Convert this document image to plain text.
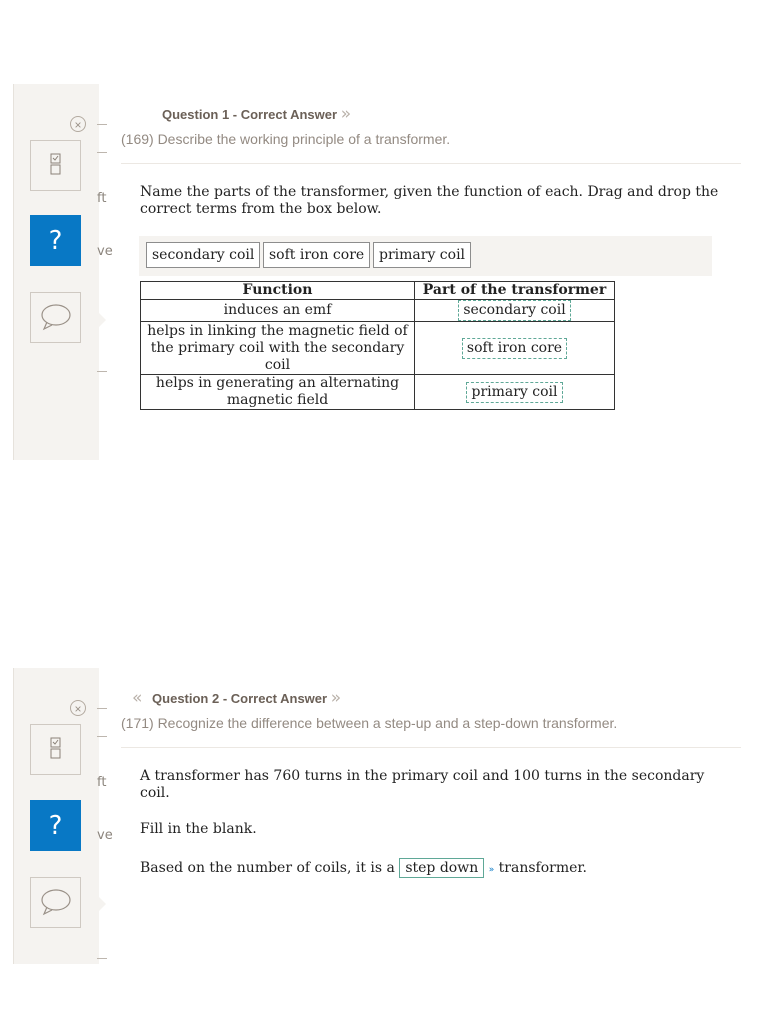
×
ft
?	ve
Question 1 - Correct Answer »
(169) Describe the working principle of a transformer.
Name the parts of the transformer, given the function of each. Drag and drop the correct terms from the box below.
secondary coil	soft iron core	primary coil
Function	Part of the transformer
induces an emf	secondary coil
helps in linking the magnetic field of the primary coil with the secondary coil	soft iron core
helps in generating an alternating magnetic field	primary coil
×
ft
?	ve
« Question 2 - Correct Answer »
(171) Recognize the difference between a step-up and a step-down transformer.
A transformer has 760 turns in the primary coil and 100 turns in the secondary coil.
Fill in the blank.
Based on the number of coils, it is a step down » transformer.
